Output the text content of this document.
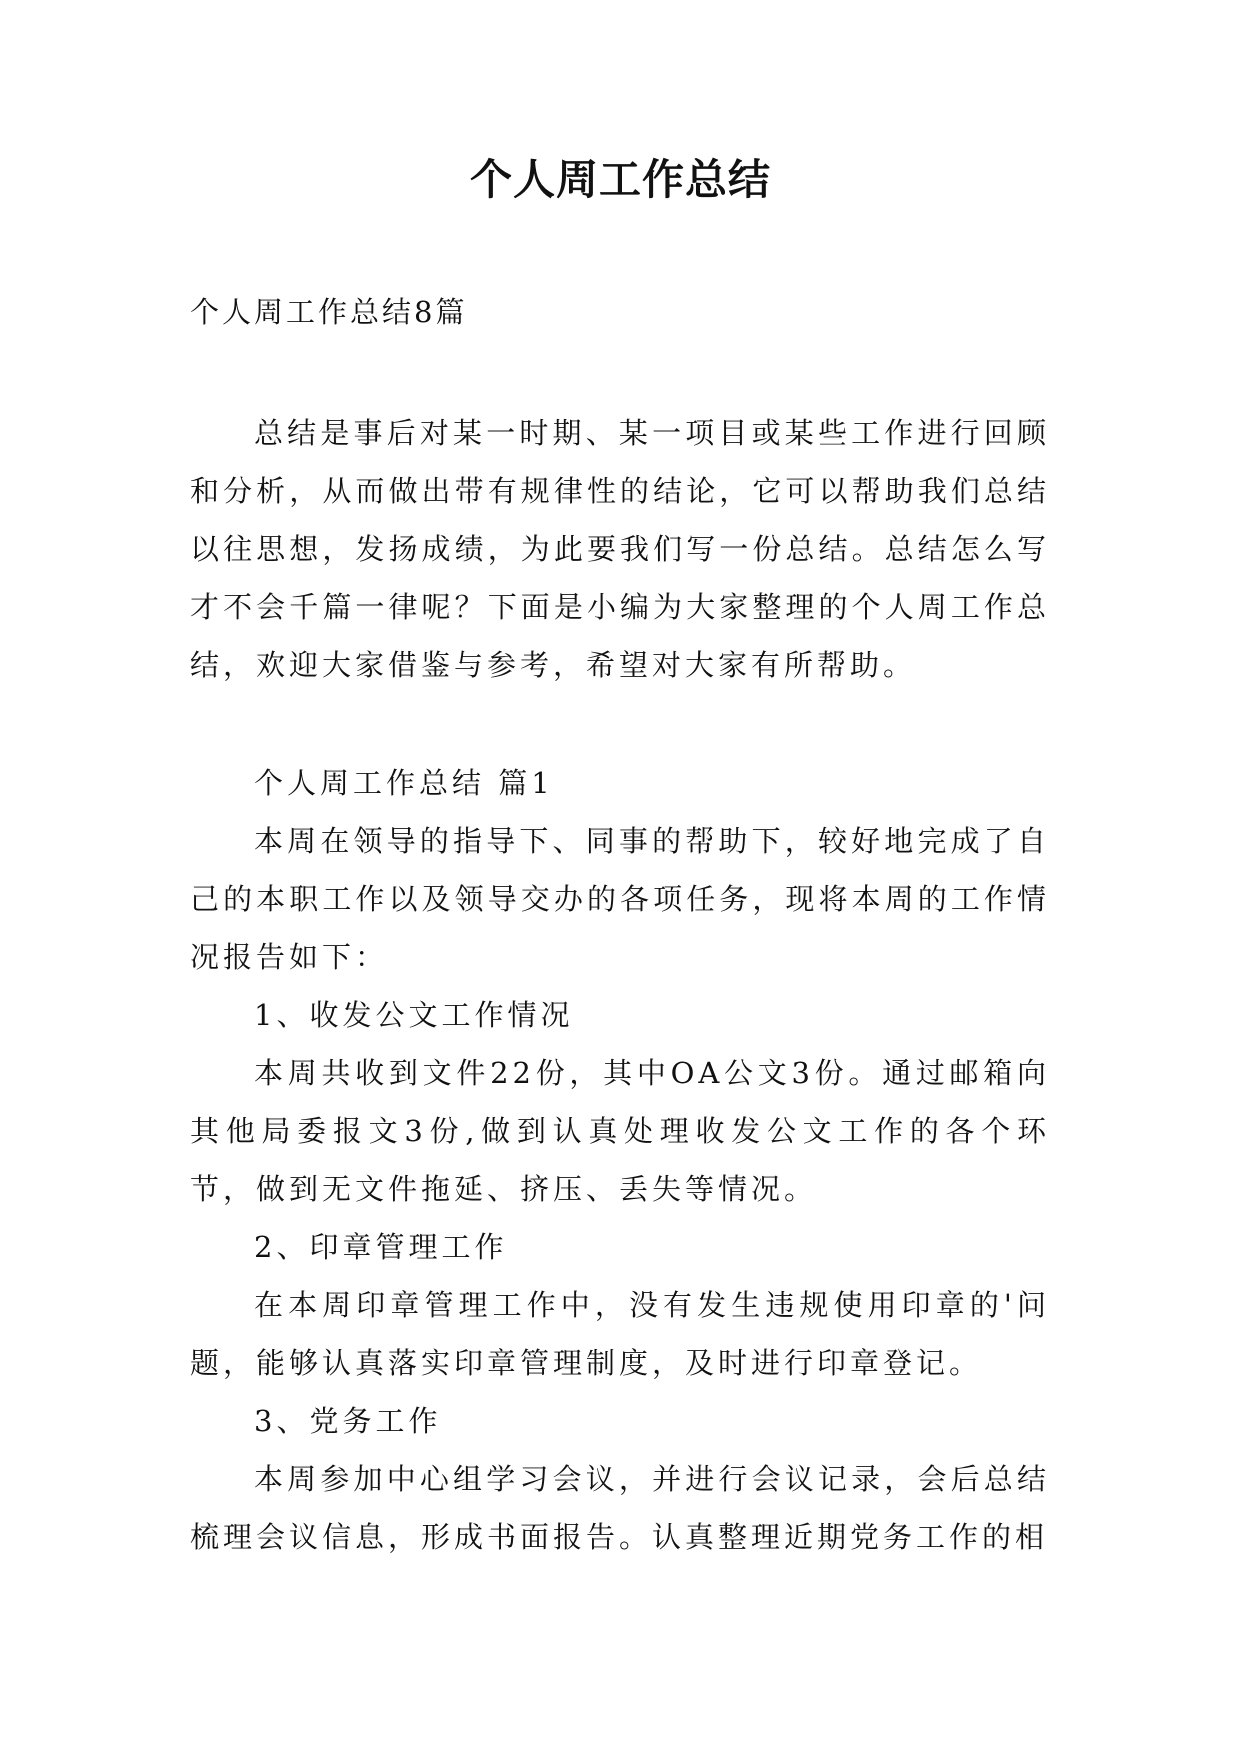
个人周工作总结
个人周工作总结8篇

总结是事后对某一时期、某一项目或某些工作进行回顾和分析，从而做出带有规律性的结论，它可以帮助我们总结以往思想，发扬成绩，为此要我们写一份总结。总结怎么写才不会千篇一律呢？下面是小编为大家整理的个人周工作总结，欢迎大家借鉴与参考，希望对大家有所帮助。

个人周工作总结 篇1

本周在领导的指导下、同事的帮助下，较好地完成了自己的本职工作以及领导交办的各项任务，现将本周的工作情况报告如下：

1、收发公文工作情况

本周共收到文件22份，其中OA公文3份。通过邮箱向其他局委报文3份,做到认真处理收发公文工作的各个环节，做到无文件拖延、挤压、丢失等情况。

2、印章管理工作

在本周印章管理工作中，没有发生违规使用印章的'问题，能够认真落实印章管理制度，及时进行印章登记。

3、党务工作

本周参加中心组学习会议，并进行会议记录，会后总结梳理会议信息，形成书面报告。认真整理近期党务工作的相
